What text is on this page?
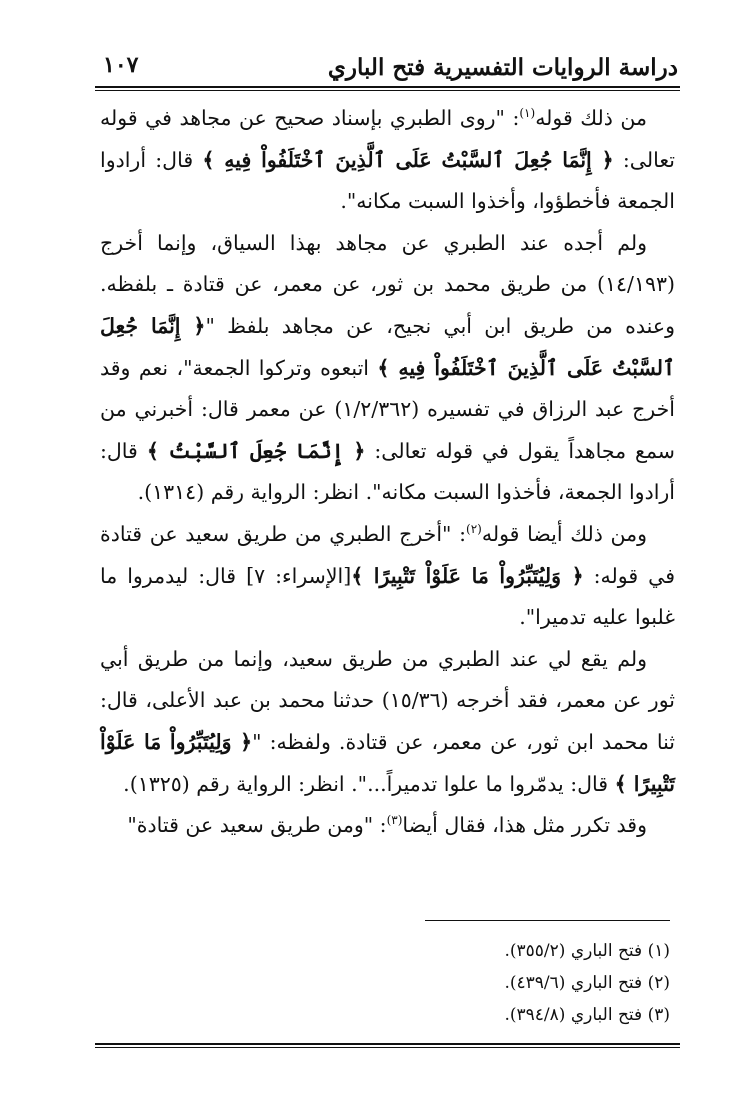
دراسة الروايات التفسيرية فتح الباري
١٠٧

من ذلك قوله$^{(١)}$: "روى الطبري بإسناد صحيح عن مجاهد في قوله تعالى: ﴿ إِنَّمَا جُعِلَ ٱلسَّبْتُ عَلَى ٱلَّذِينَ ٱخْتَلَفُواْ فِيهِ ﴾ قال: أرادوا الجمعة فأخطؤوا، وأخذوا السبت مكانه".

ولم أجده عند الطبري عن مجاهد بهذا السياق، وإنما أخرج (١٤/١٩٣) من طريق محمد بن ثور، عن معمر، عن قتادة ـ بلفظه. وعنده من طريق ابن أبي نجيح، عن مجاهد بلفظ "﴿ إِنَّمَا جُعِلَ ٱلسَّبْتُ عَلَى ٱلَّذِينَ ٱخْتَلَفُواْ فِيهِ ﴾ اتبعوه وتركوا الجمعة"، نعم وقد أخرج عبد الرزاق في تفسيره (١/٢/٣٦٢) عن معمر قال: أخبرني من سمع مجاهداً يقول في قوله تعالى: ﴿ إِنَّمَا جُعِلَ ٱلسَّبْتُ ﴾ قال: أرادوا الجمعة، فأخذوا السبت مكانه". انظر: الرواية رقم (١٣١٤).

ومن ذلك أيضا قوله$^{(٢)}$: "أخرج الطبري من طريق سعيد عن قتادة في قوله: ﴿ وَلِيُتَبِّرُواْ مَا عَلَوْاْ تَتْبِيرًا ﴾[الإسراء: ٧] قال: ليدمروا ما غلبوا عليه تدميرا".

ولم يقع لي عند الطبري من طريق سعيد، وإنما من طريق أبي ثور عن معمر، فقد أخرجه (١٥/٣٦) حدثنا محمد بن عبد الأعلى، قال: ثنا محمد ابن ثور، عن معمر، عن قتادة. ولفظه: "﴿ وَلِيُتَبِّرُواْ مَا عَلَوْاْ تَتْبِيرًا ﴾ قال: يدمّروا ما علوا تدميراً...". انظر: الرواية رقم (١٣٢٥).

وقد تكرر مثل هذا، فقال أيضا$^{(٣)}$: "ومن طريق سعيد عن قتادة"

(١) فتح الباري (٣٥٥/٢).

(٢) فتح الباري (٤٣٩/٦).

(٣) فتح الباري (٣٩٤/٨).
